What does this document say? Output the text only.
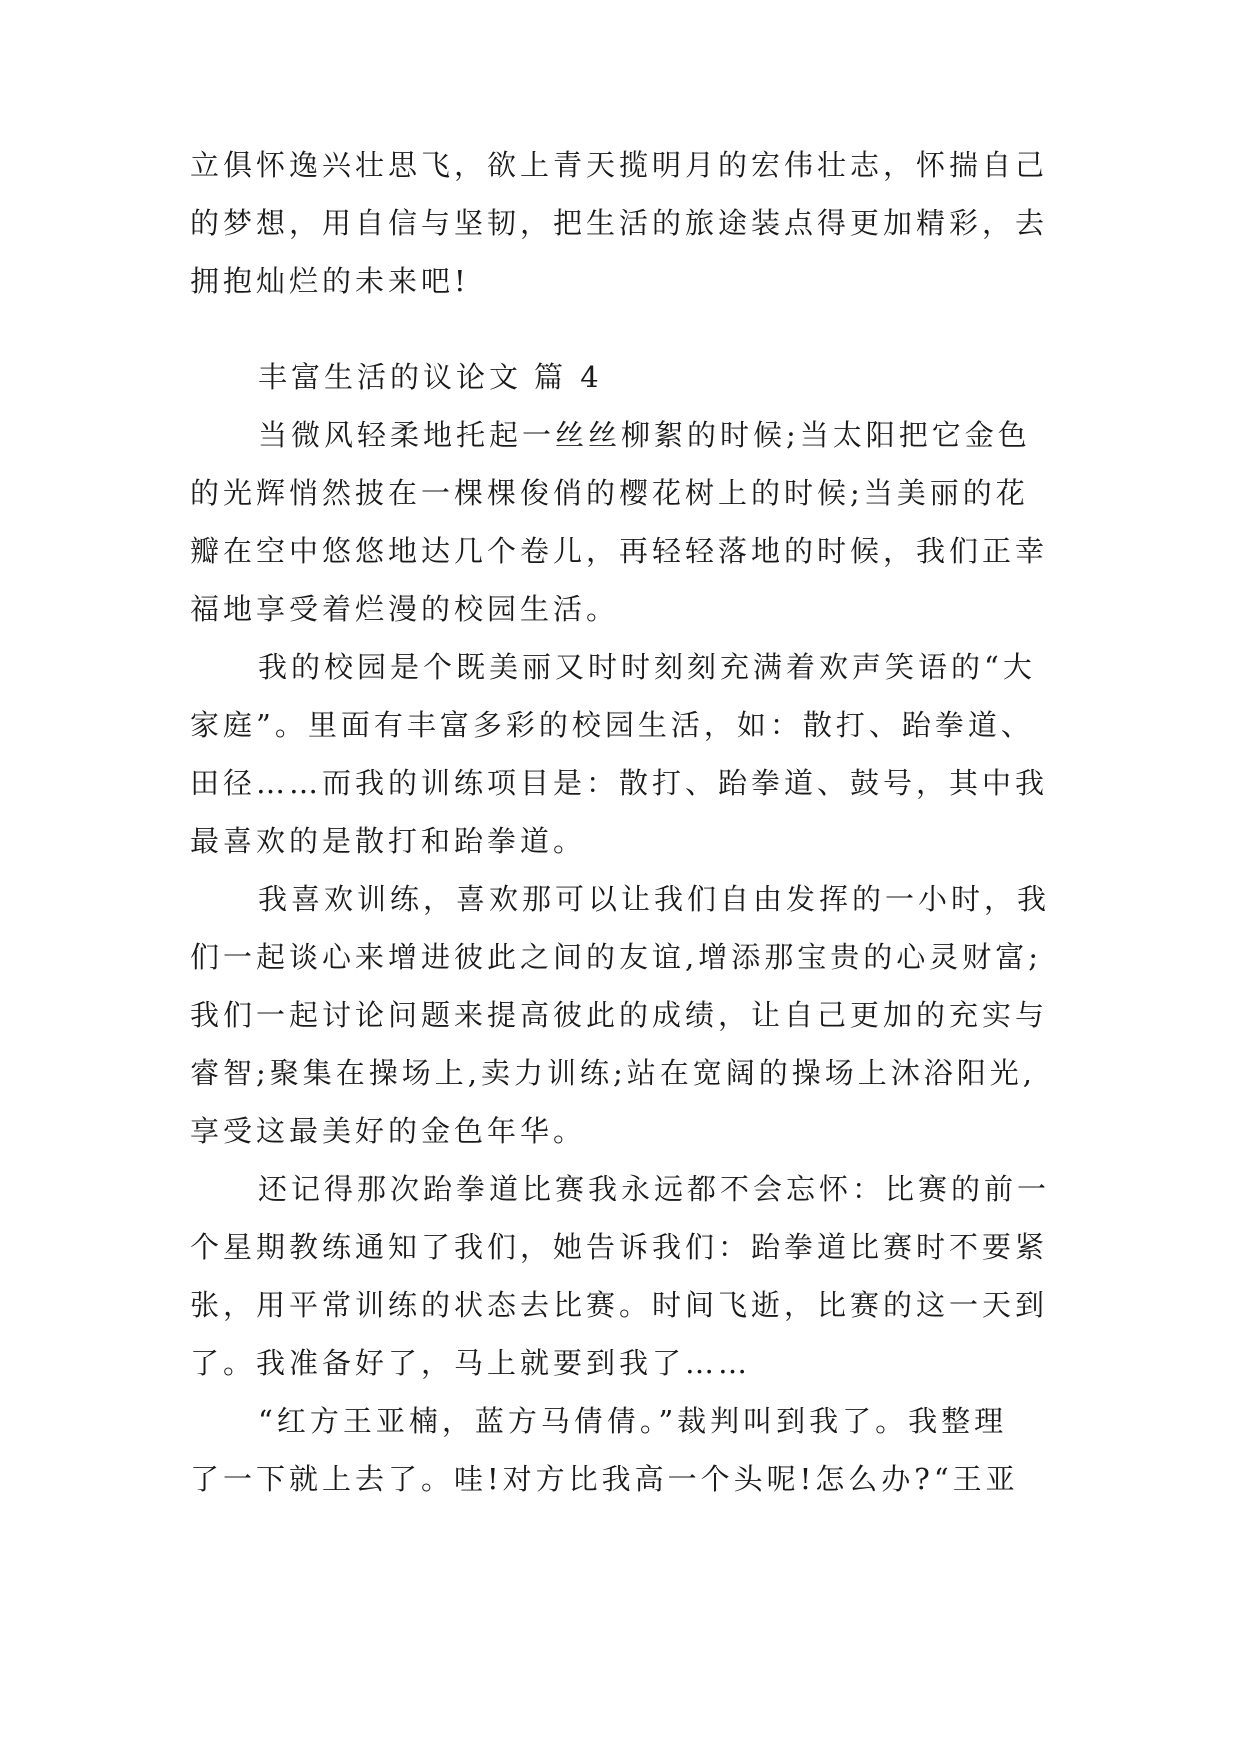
立俱怀逸兴壮思飞，欲上青天揽明月的宏伟壮志，怀揣自己
的梦想，用自信与坚韧，把生活的旅途装点得更加精彩，去
拥抱灿烂的未来吧!
丰富生活的议论文 篇 4
当微风轻柔地托起一丝丝柳絮的时候;当太阳把它金色
的光辉悄然披在一棵棵俊俏的樱花树上的时候;当美丽的花
瓣在空中悠悠地达几个卷儿，再轻轻落地的时候，我们正幸
福地享受着烂漫的校园生活。
我的校园是个既美丽又时时刻刻充满着欢声笑语的“大
家庭”。里面有丰富多彩的校园生活，如：散打、跆拳道、
田径……而我的训练项目是：散打、跆拳道、鼓号，其中我
最喜欢的是散打和跆拳道。
我喜欢训练，喜欢那可以让我们自由发挥的一小时，我
们一起谈心来增进彼此之间的友谊,增添那宝贵的心灵财富;
我们一起讨论问题来提高彼此的成绩，让自己更加的充实与
睿智;聚集在操场上,卖力训练;站在宽阔的操场上沐浴阳光,
享受这最美好的金色年华。
还记得那次跆拳道比赛我永远都不会忘怀：比赛的前一
个星期教练通知了我们，她告诉我们：跆拳道比赛时不要紧
张，用平常训练的状态去比赛。时间飞逝，比赛的这一天到
了。我准备好了，马上就要到我了……
“红方王亚楠，蓝方马倩倩。”裁判叫到我了。我整理
了一下就上去了。哇!对方比我高一个头呢!怎么办?“王亚
